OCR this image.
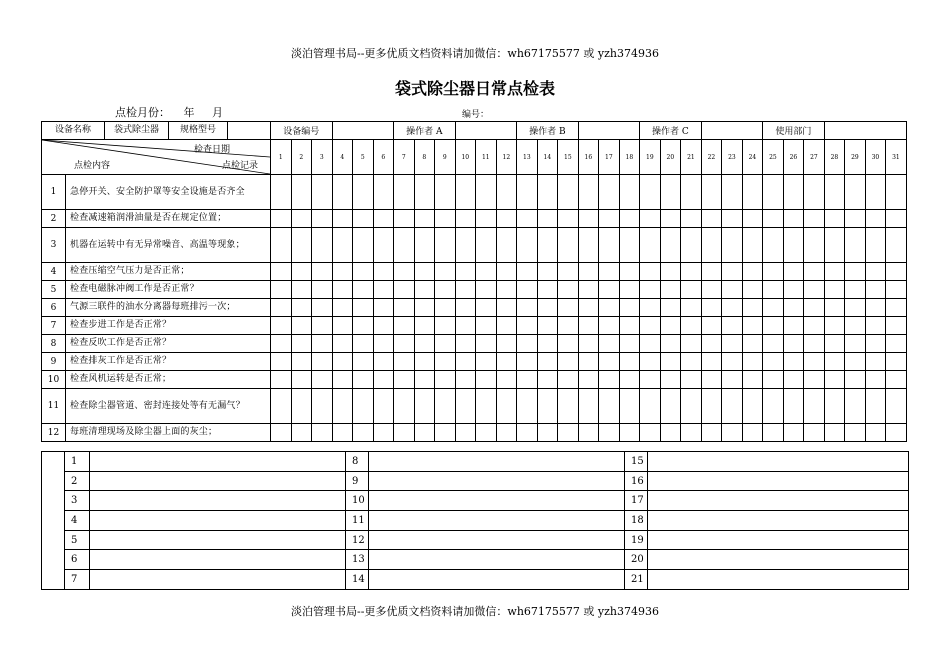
淡泊管理书局--更多优质文档资料请加微信：wh67175577 或 yzh374936
袋式除尘器日常点检表
点检月份： 年 月	编号：
设备名称 袋式除尘器 规格型号		设备编号						操作者 A						操作者 B						操作者 C						使用部门						

检查日期
点检内容 点检记录		1	2	3	4	5	6	7	8	9	10	11	12	13	14	15	16	17	18	19	20	21	22	23	24	25	26	27	28	29	30	31
1	急停开关、安全防护罩等安全设施是否齐全																															
2	检查减速箱润滑油量是否在规定位置；																															
3	机器在运转中有无异常噪音、高温等现象；																															
4	检查压缩空气压力是否正常；																															
5	检查电磁脉冲阀工作是否正常？																															
6	气源三联件的油水分离器每班排污一次；																															
7	检查步进工作是否正常？																															
8	检查反吹工作是否正常？																															
9	检查排灰工作是否正常？																															
10	检查风机运转是否正常；																															
11	检查除尘器管道、密封连接处等有无漏气？																															
12	每班清理现场及除尘器上面的灰尘；																															
	1		8		15	
	2		9		16	
	3		10		17	
	4		11		18	
	5		12		19	
	6		13		20	
	7		14		21	
淡泊管理书局--更多优质文档资料请加微信：wh67175577 或 yzh374936
